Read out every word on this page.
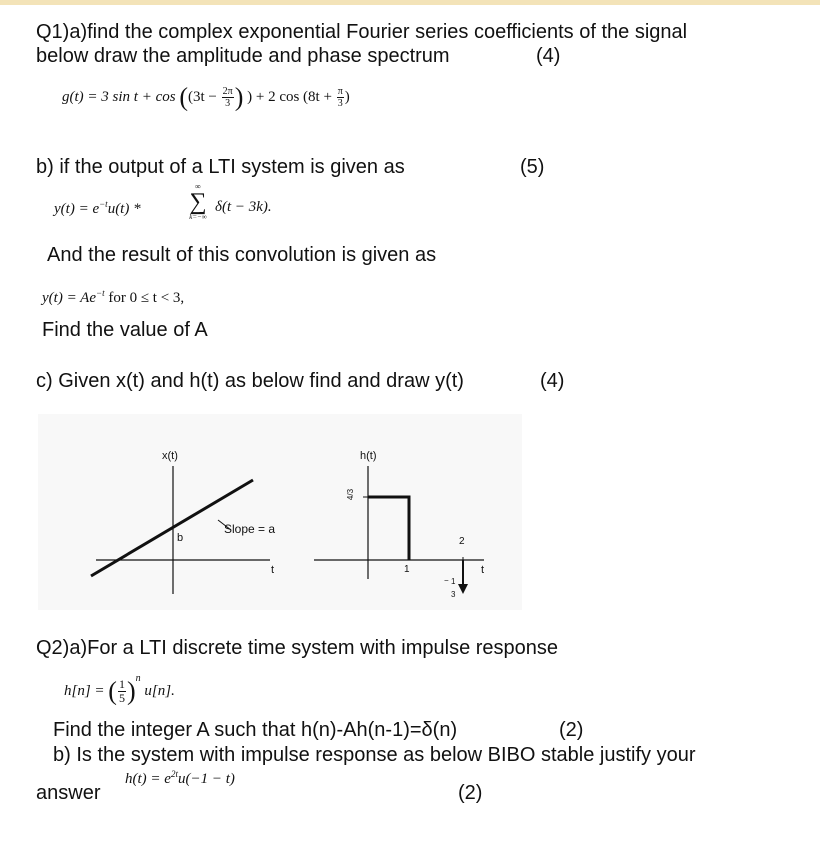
Q1)a)find the complex exponential Fourier series coefficients of the signal
below draw the amplitude and phase spectrum	(4)
g(t) = 3 $\sin t + \cos ((3t - \frac{2\pi}{3}$ ) ) + 2 $\cos (8t + \frac{\pi}{3}$ )
b) if the output of a LTI system is given as	(5)
$y(t) = e^{-t}u(t)$ *
∞
∑
k=−∞
δ(t − 3k).
And the result of this convolution is given as
$y(t) = Ae^{-t}$ for 0 ≤ t < 3,
Find the value of A
c) Given x(t) and h(t) as below find and draw y(t)	(4)
x(t)
b
Slope = a
t
h(t)
4/3
1
2
t
− 1
3
Q2)a)For a LTI discrete time system with impulse response
h[n] = ( $\frac{1}{5} )^n$ u[n].
Find the integer A such that h(n)-Ah(n-1)=δ(n)	(2)
b) Is the system with impulse response as below BIBO stable justify your
answer
$h(t) = e^{2t}u(-1 - t)$
(2)
